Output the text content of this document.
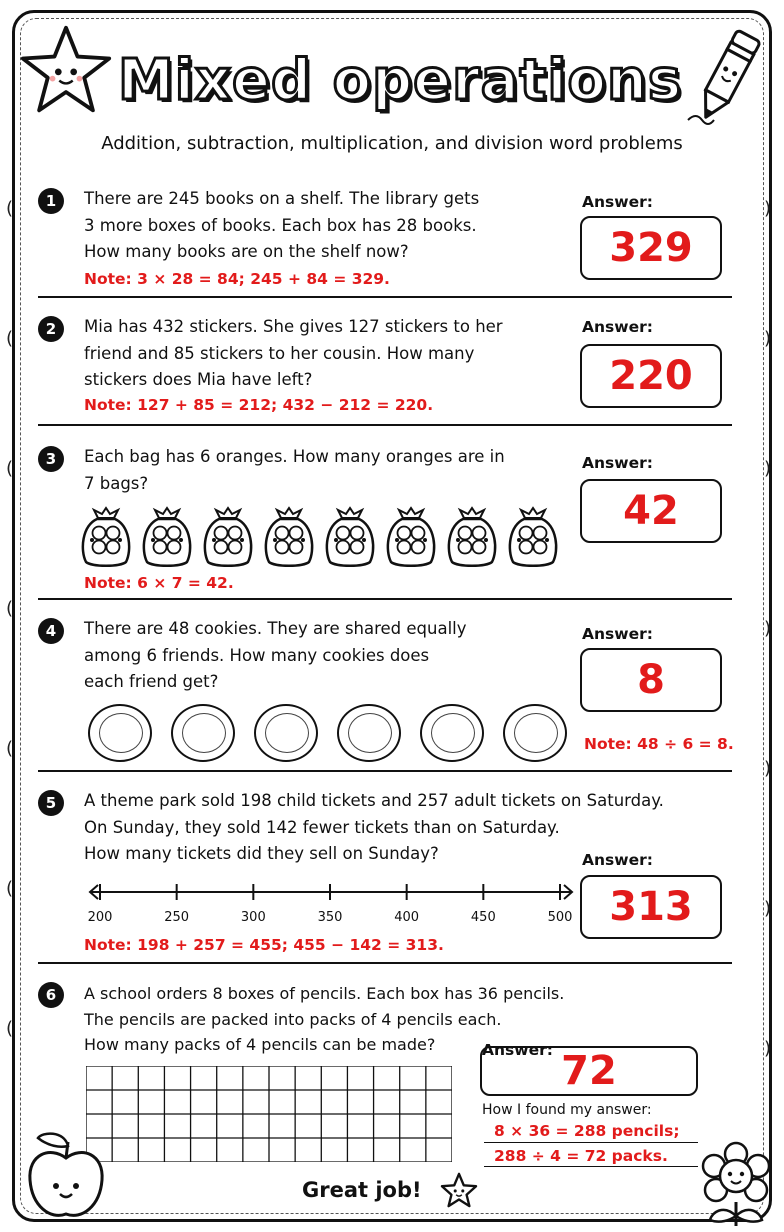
(
(
(
(
(
(
(
)
)
)
)
)
)
)
Mixed operations
Addition, subtraction, multiplication, and division word problems
1	There are 245 books on a shelf. The library gets
3 more boxes of books. Each box has 28 books.
How many books are on the shelf now?
Note: 3 × 28 = 84; 245 + 84 = 329.
Answer:
329
2	Mia has 432 stickers. She gives 127 stickers to her
friend and 85 stickers to her cousin. How many
stickers does Mia have left?
Note: 127 + 85 = 212; 432 − 212 = 220.
Answer:
220
3	Each bag has 6 oranges. How many oranges are in
7 bags?
Note: 6 × 7 = 42.
Answer:
42
4	There are 48 cookies. They are shared equally
among 6 friends. How many cookies does
each friend get?
Answer:
8
Note: 48 ÷ 6 = 8.
5	A theme park sold 198 child tickets and 257 adult tickets on Saturday.
On Sunday, they sold 142 fewer tickets than on Saturday.
How many tickets did they sell on Sunday?
200	250	300	350	400	450	500
Note: 198 + 257 = 455; 455 − 142 = 313.
Answer:
313
6	A school orders 8 boxes of pencils. Each box has 36 pencils.
The pencils are packed into packs of 4 pencils each.
How many packs of 4 pencils can be made?	Answer: 72
How I found my answer:
8 × 36 = 288 pencils;
288 ÷ 4 = 72 packs.
Great job!
